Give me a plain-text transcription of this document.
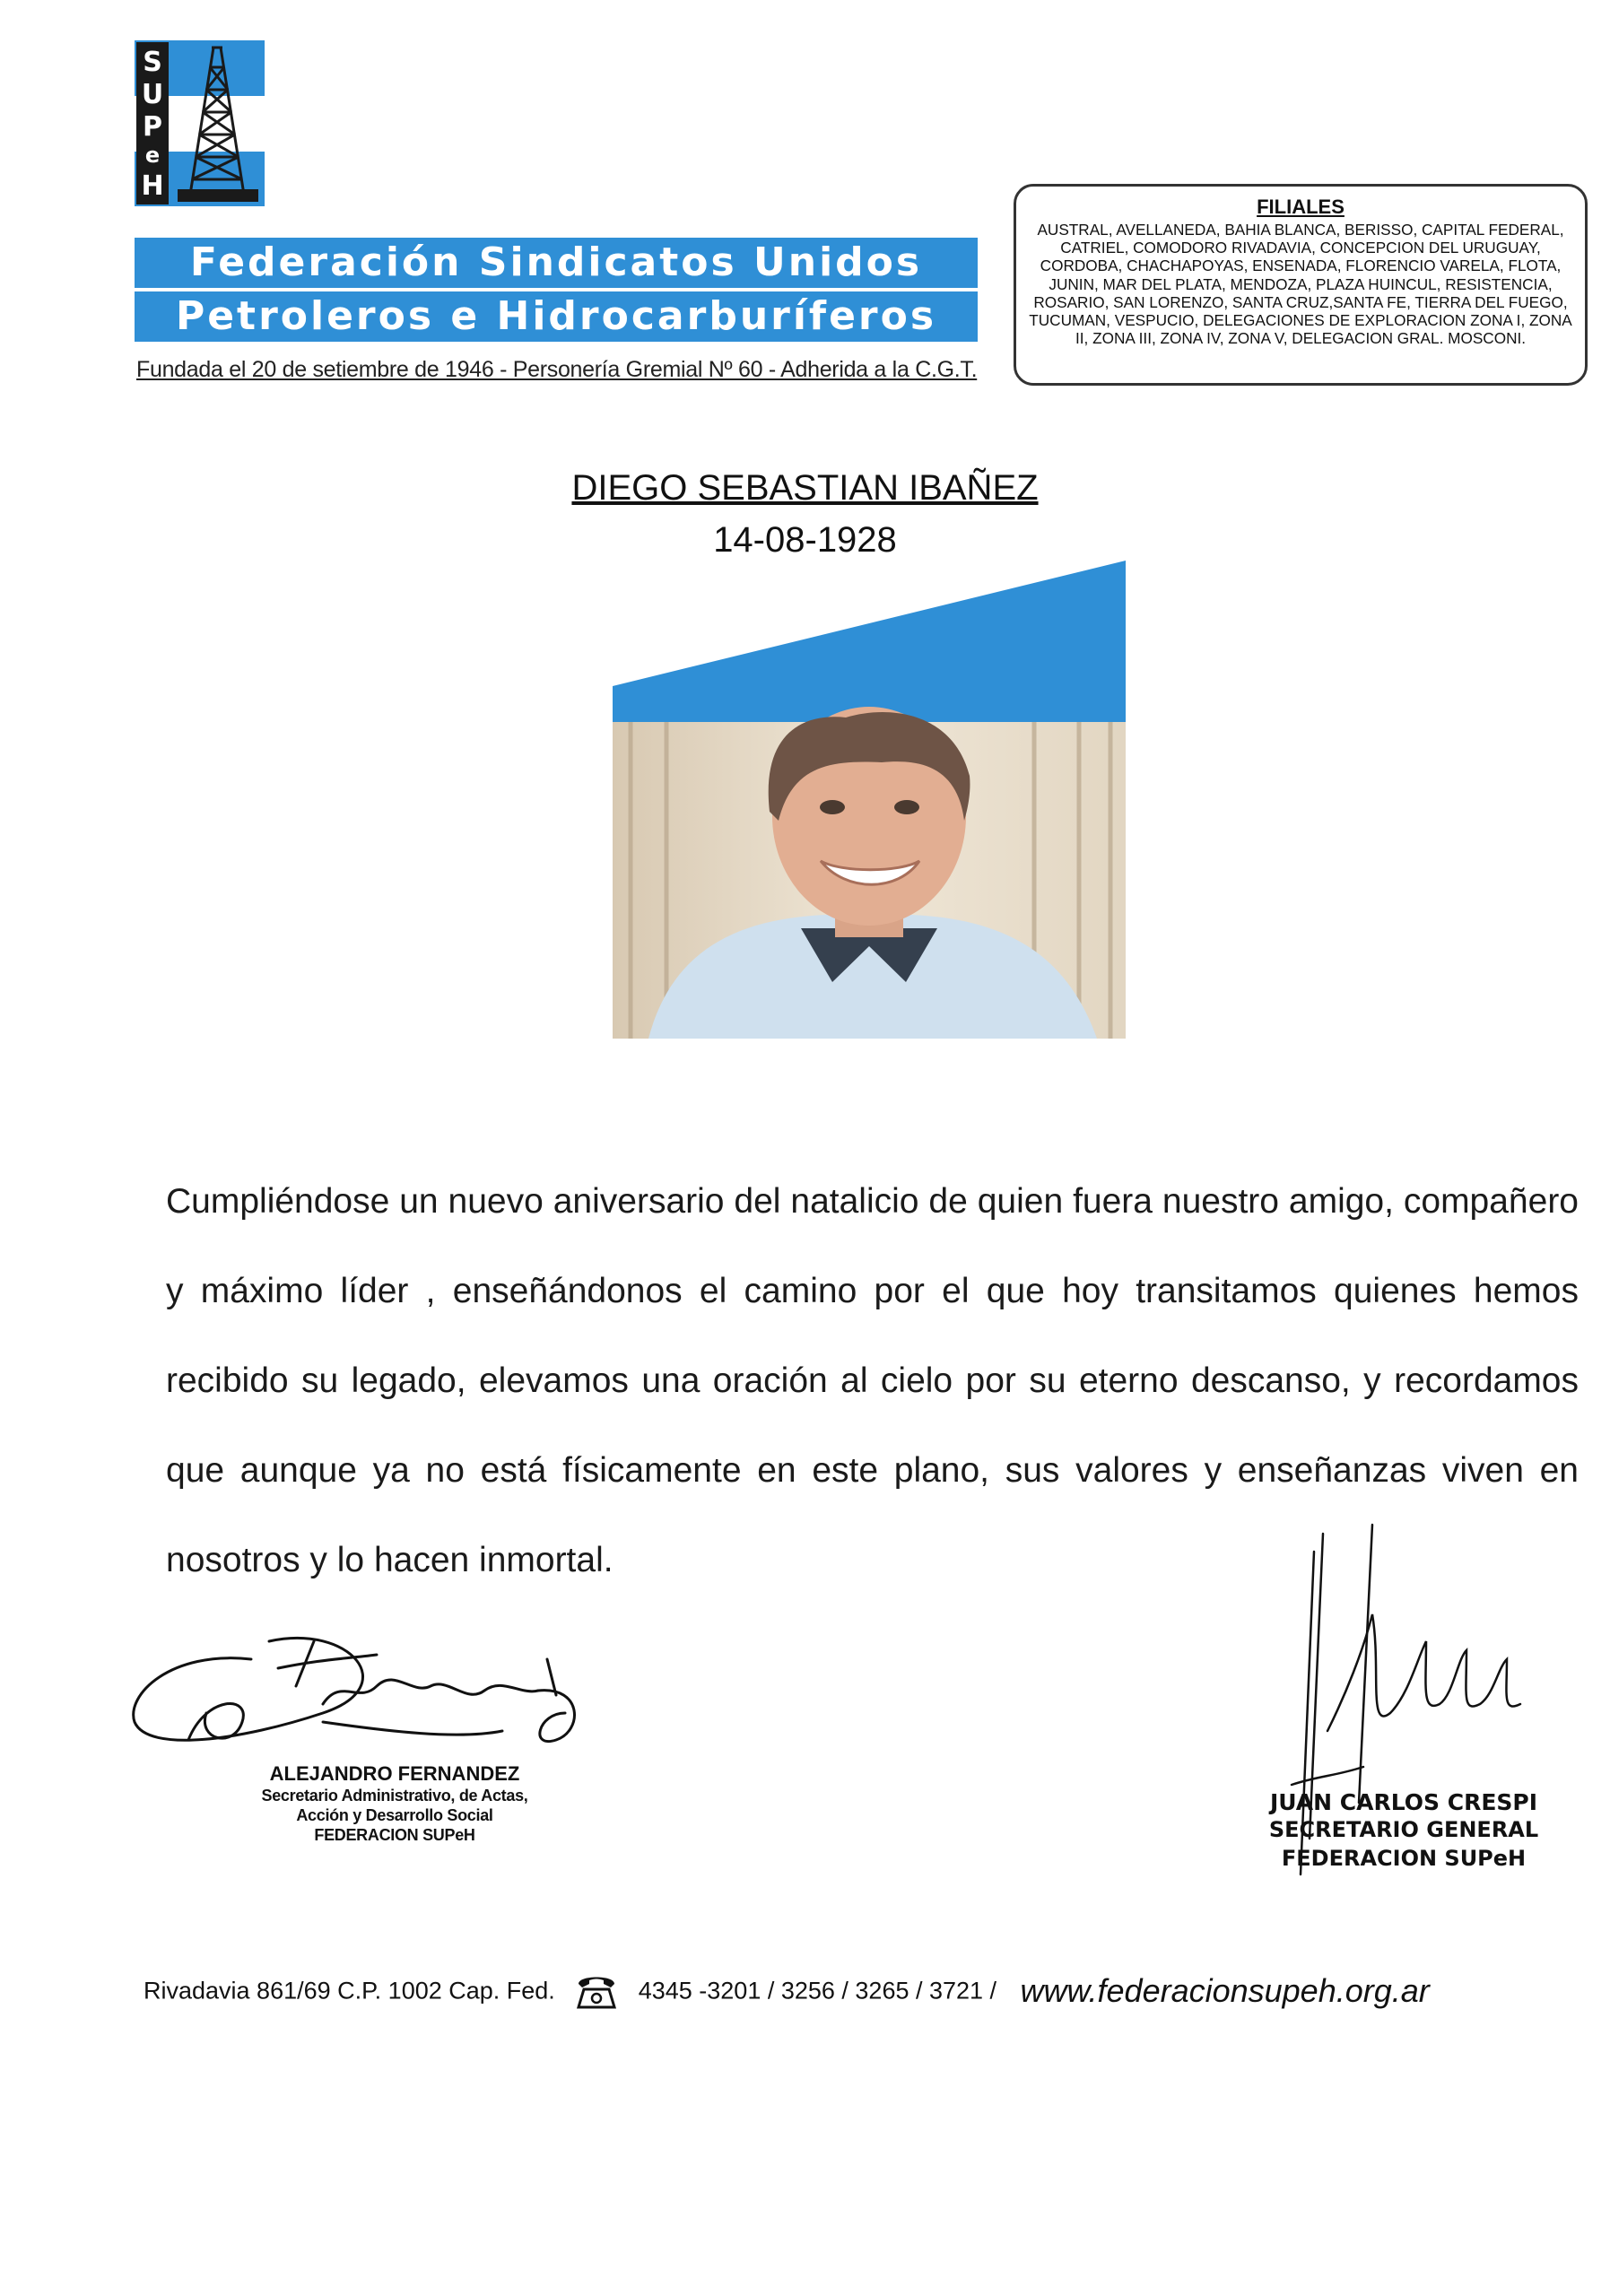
S
U
P
e
H
Federación Sindicatos Unidos
Petroleros e Hidrocarburíferos
Fundada el 20 de setiembre de 1946 - Personería Gremial Nº 60 - Adherida a la C.G.T.
FILIALES
AUSTRAL, AVELLANEDA, BAHIA BLANCA, BERISSO, CAPITAL FEDERAL, CATRIEL, COMODORO RIVADAVIA, CONCEPCION DEL URUGUAY, CORDOBA, CHACHAPOYAS, ENSENADA, FLORENCIO VARELA, FLOTA, JUNIN, MAR DEL PLATA, MENDOZA, PLAZA HUINCUL, RESISTENCIA, ROSARIO, SAN LORENZO, SANTA CRUZ,SANTA FE, TIERRA DEL FUEGO, TUCUMAN, VESPUCIO, DELEGACIONES DE EXPLORACION ZONA I, ZONA II, ZONA III, ZONA IV, ZONA V, DELEGACION GRAL. MOSCONI.
DIEGO SEBASTIAN IBAÑEZ
14-08-1928
Cumpliéndose un nuevo aniversario del natalicio de quien fuera nuestro amigo, compañero y máximo líder , enseñándonos el camino por el que hoy transitamos quienes hemos recibido su legado, elevamos una oración al cielo por su eterno descanso, y recordamos que aunque ya no está físicamente en este plano, sus valores y enseñanzas viven en nosotros y lo hacen inmortal.
ALEJANDRO FERNANDEZ
Secretario Administrativo, de Actas,
Acción y Desarrollo Social
FEDERACION SUPeH
JUAN CARLOS CRESPI
SECRETARIO GENERAL
FEDERACION SUPeH
Rivadavia 861/69 C.P. 1002 Cap. Fed.	4345 -3201 / 3256 / 3265 / 3721 / www.federacionsupeh.org.ar
